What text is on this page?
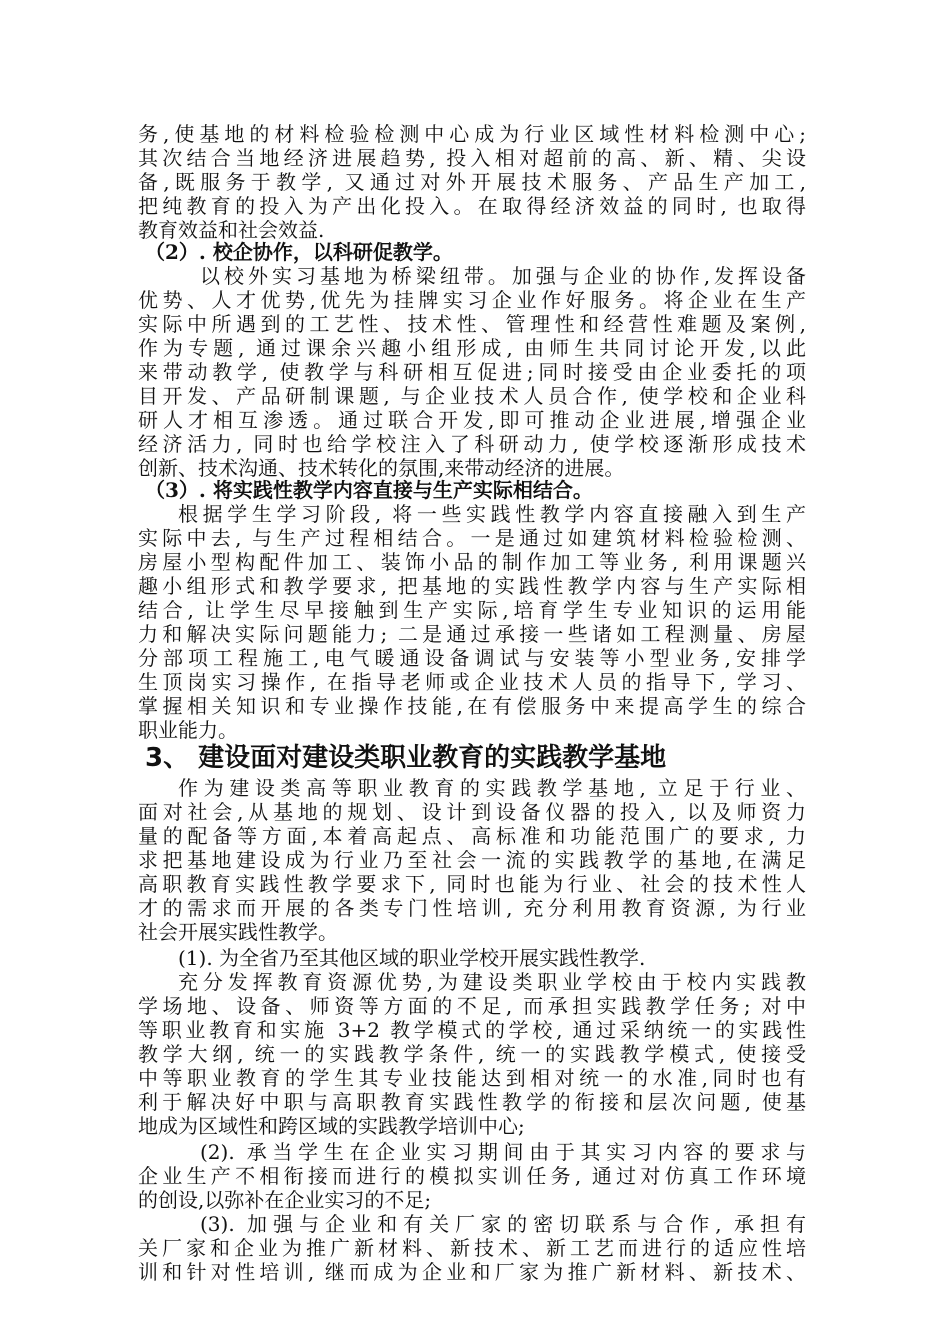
务,使基地的材料检验检测中心成为行业区域性材料检测中心;
其次结合当地经济进展趋势, 投入相对超前的高、新、精、尖设
备,既服务于教学, 又通过对外开展技术服务、产品生产加工,
把纯教育的投入为产出化投入。在取得经济效益的同时, 也取得
教育效益和社会效益.
（2）. 校企协作，以科研促教学。
以校外实习基地为桥梁纽带。加强与企业的协作,发挥设备
优势、人才优势,优先为挂牌实习企业作好服务。将企业在生产
实际中所遇到的工艺性、技术性、管理性和经营性难题及案例,
作为专题, 通过课余兴趣小组形成, 由师生共同讨论开发,以此
来带动教学, 使教学与科研相互促进;同时接受由企业委托的项
目开发、产品研制课题, 与企业技术人员合作, 使学校和企业科
研人才相互渗透。通过联合开发,即可推动企业进展,增强企业
经济活力, 同时也给学校注入了科研动力, 使学校逐渐形成技术
创新、技术沟通、技术转化的氛围,来带动经济的进展。
（3）. 将实践性教学内容直接与生产实际相结合。
根据学生学习阶段, 将一些实践性教学内容直接融入到生产
实际中去, 与生产过程相结合。一是通过如建筑材料检验检测、
房屋小型构配件加工、装饰小品的制作加工等业务, 利用课题兴
趣小组形式和教学要求, 把基地的实践性教学内容与生产实际相
结合, 让学生尽早接触到生产实际,培育学生专业知识的运用能
力和解决实际问题能力; 二是通过承接一些诸如工程测量、房屋
分部项工程施工,电气暖通设备调试与安装等小型业务,安排学
生顶岗实习操作, 在指导老师或企业技术人员的指导下, 学习、
掌握相关知识和专业操作技能,在有偿服务中来提高学生的综合
职业能力。
3、 建设面对建设类职业教育的实践教学基地
作为建设类高等职业教育的实践教学基地, 立足于行业、
面对社会,从基地的规划、设计到设备仪器的投入, 以及师资力
量的配备等方面,本着高起点、高标准和功能范围广的要求, 力
求把基地建设成为行业乃至社会一流的实践教学的基地,在满足
高职教育实践性教学要求下, 同时也能为行业、社会的技术性人
才的需求而开展的各类专门性培训, 充分利用教育资源, 为行业
社会开展实践性教学。
(1). 为全省乃至其他区域的职业学校开展实践性教学.
充分发挥教育资源优势,为建设类职业学校由于校内实践教
学场地、设备、师资等方面的不足, 而承担实践教学任务; 对中
等职业教育和实施 3+2 教学模式的学校, 通过采纳统一的实践性
教学大纲, 统一的实践教学条件, 统一的实践教学模式, 使接受
中等职业教育的学生其专业技能达到相对统一的水准,同时也有
利于解决好中职与高职教育实践性教学的衔接和层次问题, 使基
地成为区域性和跨区域的实践教学培训中心;
(2). 承当学生在企业实习期间由于其实习内容的要求与
企业生产不相衔接而进行的模拟实训任务, 通过对仿真工作环境
的创设,以弥补在企业实习的不足;
(3). 加强与企业和有关厂家的密切联系与合作, 承担有
关厂家和企业为推广新材料、新技术、新工艺而进行的适应性培
训和针对性培训, 继而成为企业和厂家为推广新材料、新技术、
